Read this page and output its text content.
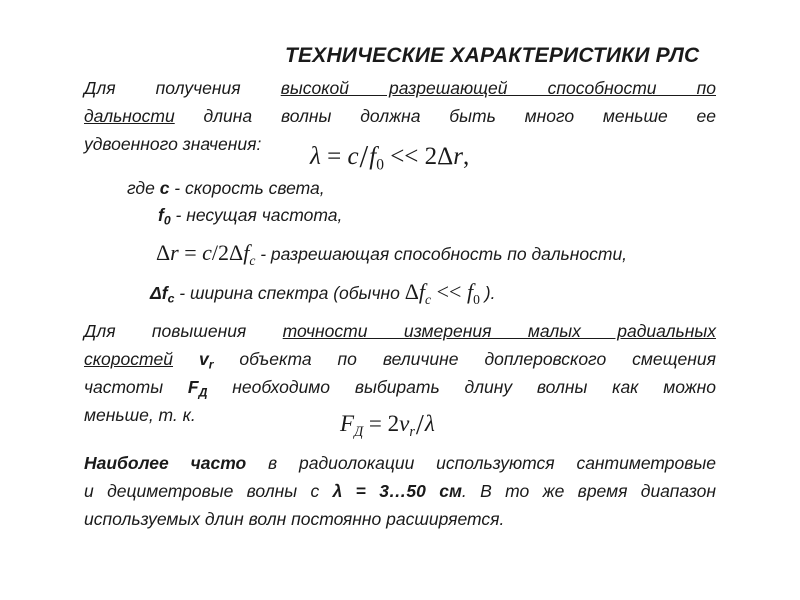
ТЕХНИЧЕСКИЕ ХАРАКТЕРИСТИКИ РЛС
Для получения высокой разрешающей способности по
дальности длина волны должна быть много меньше ее
удвоенного значения:	$\lambda = c/f_0 << 2\Delta r$,
где c - скорость света,
$f_0$ - несущая частота,
$\Delta r = c/2\Delta f_c$ - разрешающая способность по дальности,
$\Delta f_c$ - ширина спектра (обычно $\Delta f_c << f_0$ ).
Для повышения точности измерения малых радиальных
скоростей $v_r$ объекта по величине доплеровского смещения
частоты $F_Д$ необходимо выбирать длину волны как можно
меньше, т. к.	$F_Д = 2v_r/\lambda$
Наиболее часто в радиолокации используются сантиметровые
и дециметровые волны с λ = 3…50 см. В то же время диапазон
используемых длин волн постоянно расширяется.
